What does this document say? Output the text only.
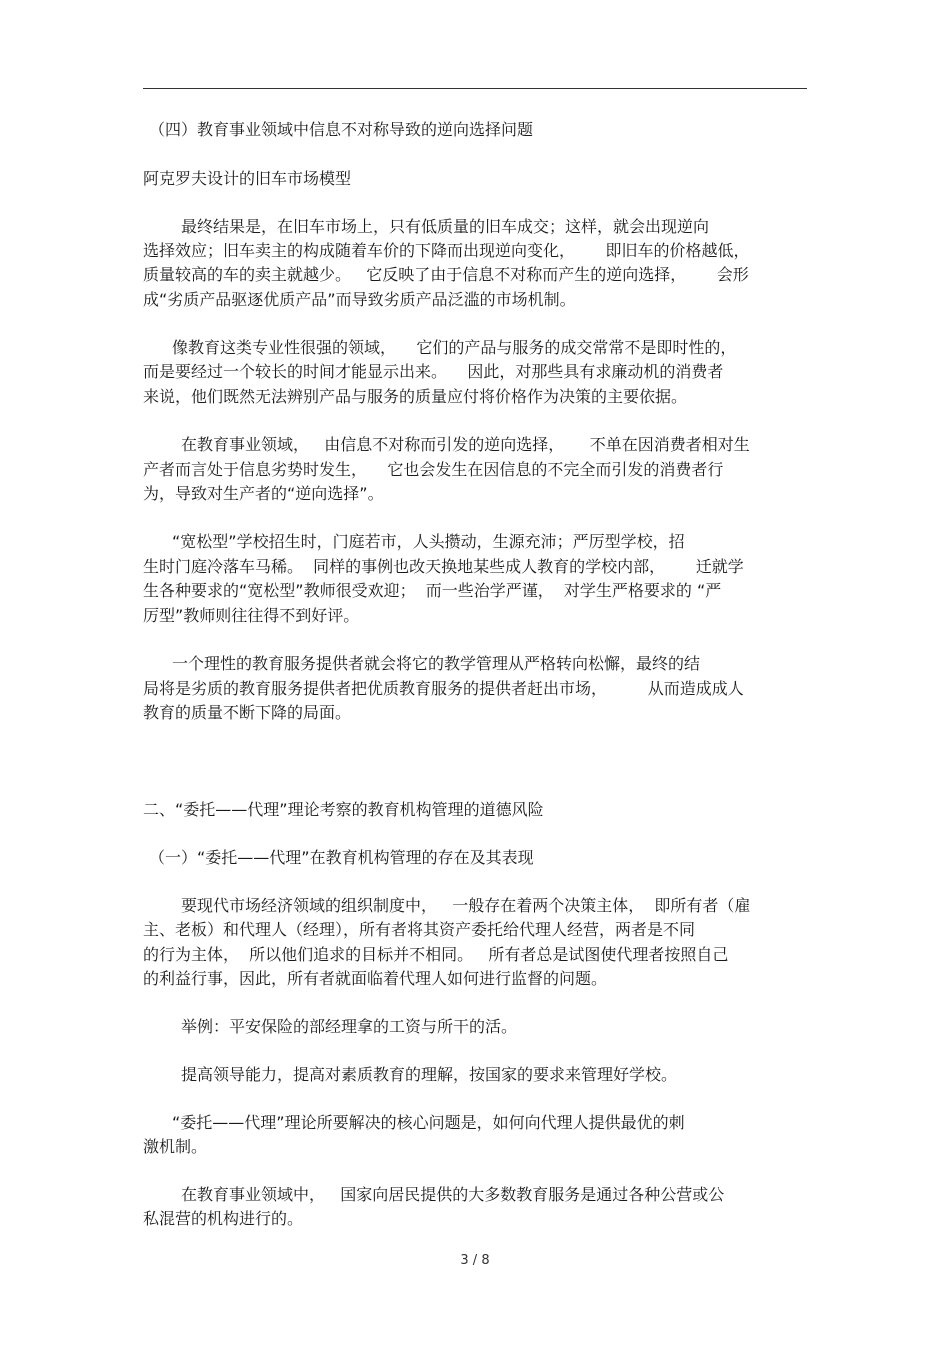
（四）教育事业领域中信息不对称导致的逆向选择问题
阿克罗夫设计的旧车市场模型
最终结果是，在旧车市场上，只有低质量的旧车成交；这样，就会出现逆向
选择效应；旧车卖主的构成随着车价的下降而出现逆向变化，      即旧车的价格越低，
质量较高的车的卖主就越少。   它反映了由于信息不对称而产生的逆向选择，      会形
成“劣质产品驱逐优质产品”而导致劣质产品泛滥的市场机制。
像教育这类专业性很强的领域，    它们的产品与服务的成交常常不是即时性的，
而是要经过一个较长的时间才能显示出来。    因此，对那些具有求廉动机的消费者
来说，他们既然无法辨别产品与服务的质量应付将价格作为决策的主要依据。
在教育事业领域，   由信息不对称而引发的逆向选择，     不单在因消费者相对生
产者而言处于信息劣势时发生，    它也会发生在因信息的不完全而引发的消费者行
为，导致对生产者的“逆向选择”。
“宽松型”学校招生时，门庭若市，人头攒动，生源充沛；严厉型学校，招
生时门庭冷落车马稀。  同样的事例也改天换地某些成人教育的学校内部，      迁就学
生各种要求的“宽松型”教师很受欢迎；  而一些治学严谨，  对学生严格要求的 “严
厉型”教师则往往得不到好评。
一个理性的教育服务提供者就会将它的教学管理从严格转向松懈，最终的结
局将是劣质的教育服务提供者把优质教育服务的提供者赶出市场，        从而造成成人
教育的质量不断下降的局面。
二、“委托——代理”理论考察的教育机构管理的道德风险
（一）“委托——代理”在教育机构管理的存在及其表现
要现代市场经济领域的组织制度中，   一般存在着两个决策主体，  即所有者（雇
主、老板）和代理人（经理），所有者将其资产委托给代理人经营，两者是不同
的行为主体，  所以他们追求的目标并不相同。   所有者总是试图使代理者按照自己
的利益行事，因此，所有者就面临着代理人如何进行监督的问题。
举例：平安保险的部经理拿的工资与所干的活。
提高领导能力，提高对素质教育的理解，按国家的要求来管理好学校。
“委托——代理”理论所要解决的核心问题是，如何向代理人提供最优的刺
激机制。
在教育事业领域中，   国家向居民提供的大多数教育服务是通过各种公营或公
私混营的机构进行的。
3 / 8
